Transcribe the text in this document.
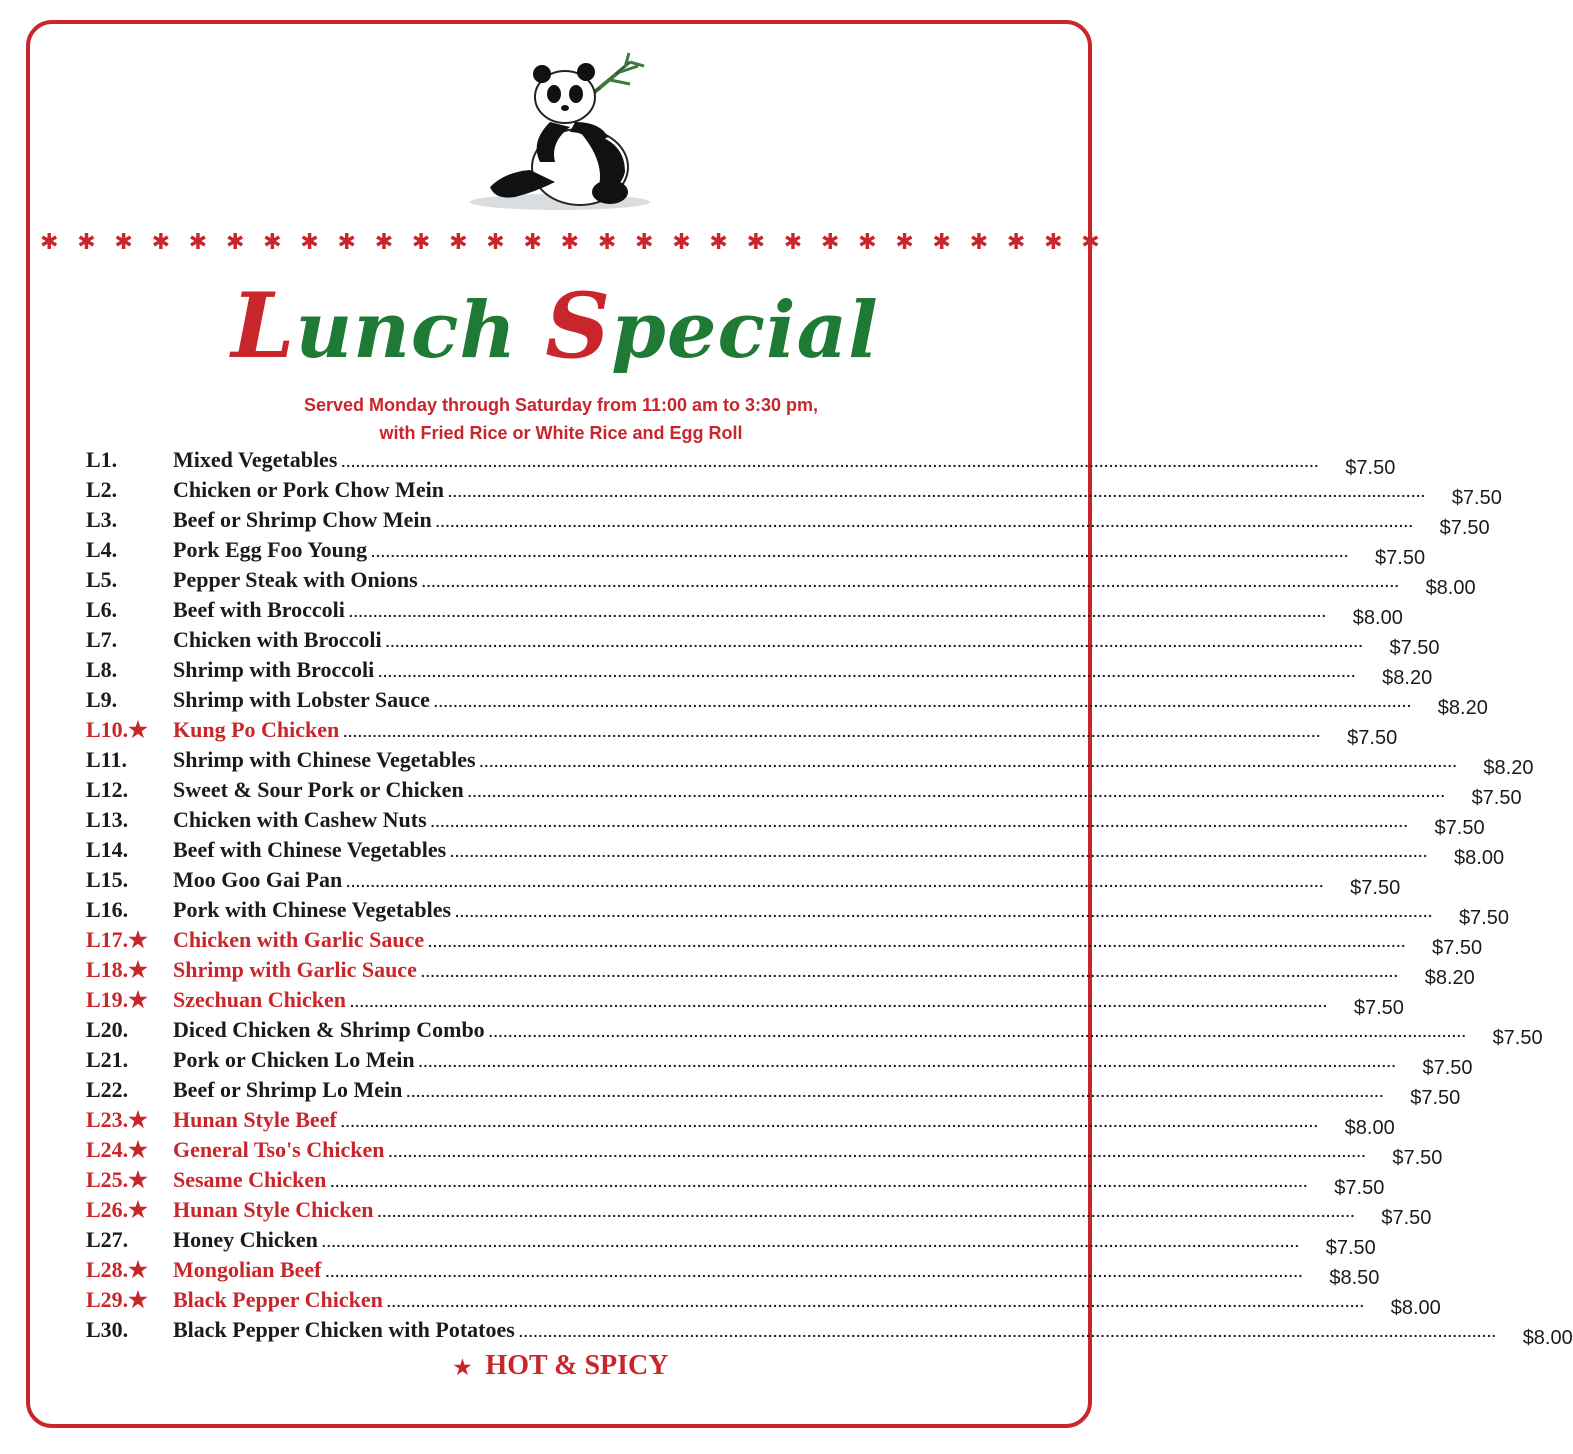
✱ ✱ ✱ ✱ ✱ ✱ ✱ ✱ ✱ ✱ ✱ ✱ ✱ ✱ ✱ ✱ ✱ ✱ ✱ ✱ ✱ ✱ ✱ ✱ ✱ ✱ ✱ ✱ ✱
Lunch Special
Served Monday through Saturday from 11:00 am to 3:30 pm,
with Fried Rice or White Rice and Egg Roll
L1.	Mixed Vegetables ........................................................................................................................................................................................................	$7.50
L2.	Chicken or Pork Chow Mein ........................................................................................................................................................................................................	$7.50
L3.	Beef or Shrimp Chow Mein ........................................................................................................................................................................................................	$7.50
L4.	Pork Egg Foo Young ........................................................................................................................................................................................................	$7.50
L5.	Pepper Steak with Onions ........................................................................................................................................................................................................	$8.00
L6.	Beef with Broccoli ........................................................................................................................................................................................................	$8.00
L7.	Chicken with Broccoli ........................................................................................................................................................................................................	$7.50
L8.	Shrimp with Broccoli ........................................................................................................................................................................................................	$8.20
L9.	Shrimp with Lobster Sauce ........................................................................................................................................................................................................	$8.20
L10.★	Kung Po Chicken ........................................................................................................................................................................................................	$7.50
L11.	Shrimp with Chinese Vegetables ........................................................................................................................................................................................................	$8.20
L12.	Sweet & Sour Pork or Chicken ........................................................................................................................................................................................................	$7.50
L13.	Chicken with Cashew Nuts ........................................................................................................................................................................................................	$7.50
L14.	Beef with Chinese Vegetables ........................................................................................................................................................................................................	$8.00
L15.	Moo Goo Gai Pan ........................................................................................................................................................................................................	$7.50
L16.	Pork with Chinese Vegetables ........................................................................................................................................................................................................	$7.50
L17.★	Chicken with Garlic Sauce ........................................................................................................................................................................................................	$7.50
L18.★	Shrimp with Garlic Sauce ........................................................................................................................................................................................................	$8.20
L19.★	Szechuan Chicken ........................................................................................................................................................................................................	$7.50
L20.	Diced Chicken & Shrimp Combo ........................................................................................................................................................................................................	$7.50
L21.	Pork or Chicken Lo Mein ........................................................................................................................................................................................................	$7.50
L22.	Beef or Shrimp Lo Mein ........................................................................................................................................................................................................	$7.50
L23.★	Hunan Style Beef ........................................................................................................................................................................................................	$8.00
L24.★	General Tso's Chicken ........................................................................................................................................................................................................	$7.50
L25.★	Sesame Chicken ........................................................................................................................................................................................................	$7.50
L26.★	Hunan Style Chicken ........................................................................................................................................................................................................	$7.50
L27.	Honey Chicken ........................................................................................................................................................................................................	$7.50
L28.★	Mongolian Beef ........................................................................................................................................................................................................	$8.50
L29.★	Black Pepper Chicken ........................................................................................................................................................................................................	$8.00
L30.	Black Pepper Chicken with Potatoes ........................................................................................................................................................................................................	$8.00
★ HOT & SPICY
